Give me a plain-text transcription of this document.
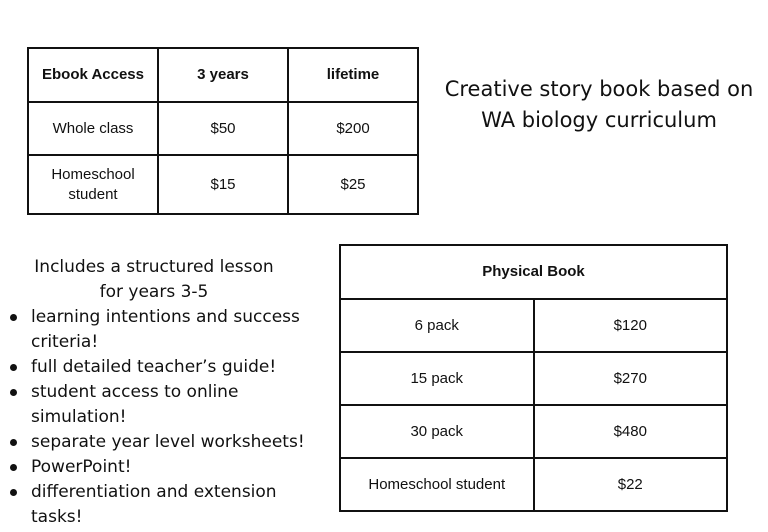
Ebook Access	3 years	lifetime
Whole class	$50	$200
Homeschool
student	$15	$25

Creative story book based on
WA biology curriculum

Includes a structured lesson
for years 3-5

learning intentions and success criteria!
full detailed teacher’s guide!
student access to online simulation!
separate year level worksheets!
PowerPoint!
differentiation and extension tasks!
Physical Book	
6 pack	$120
15 pack	$270
30 pack	$480
Homeschool student	$22
